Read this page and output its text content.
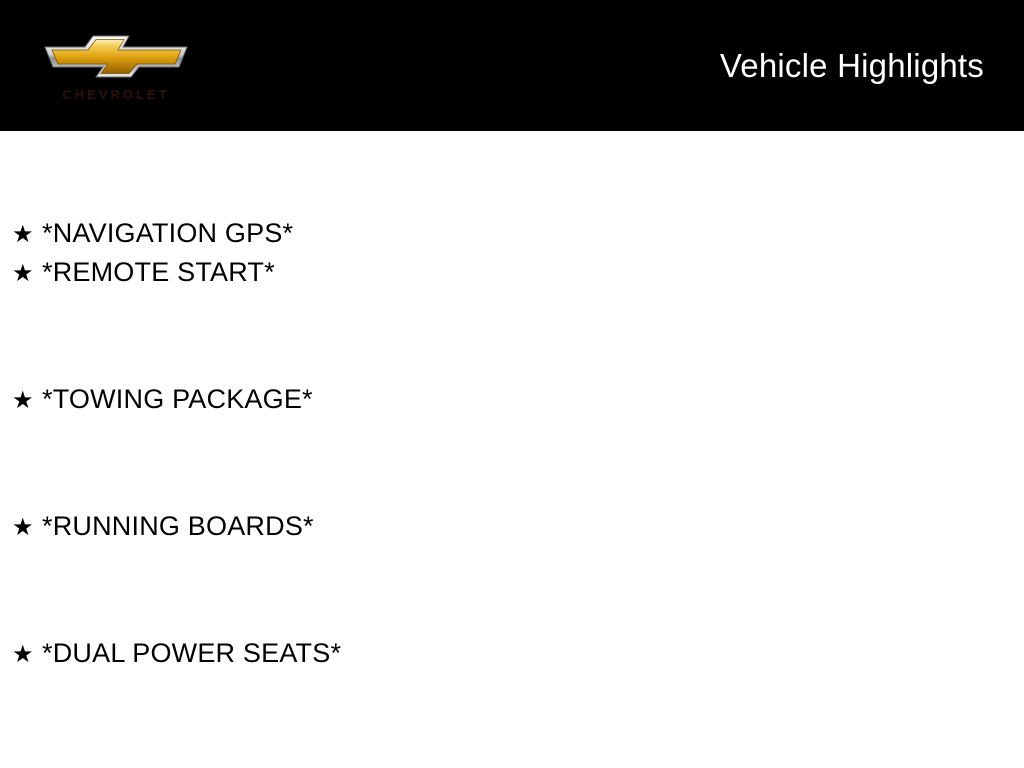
CHEVROLET
Vehicle Highlights
★ *NAVIGATION GPS*
★ *REMOTE START*
★ *TOWING PACKAGE*
★ *RUNNING BOARDS*
★ *DUAL POWER SEATS*
